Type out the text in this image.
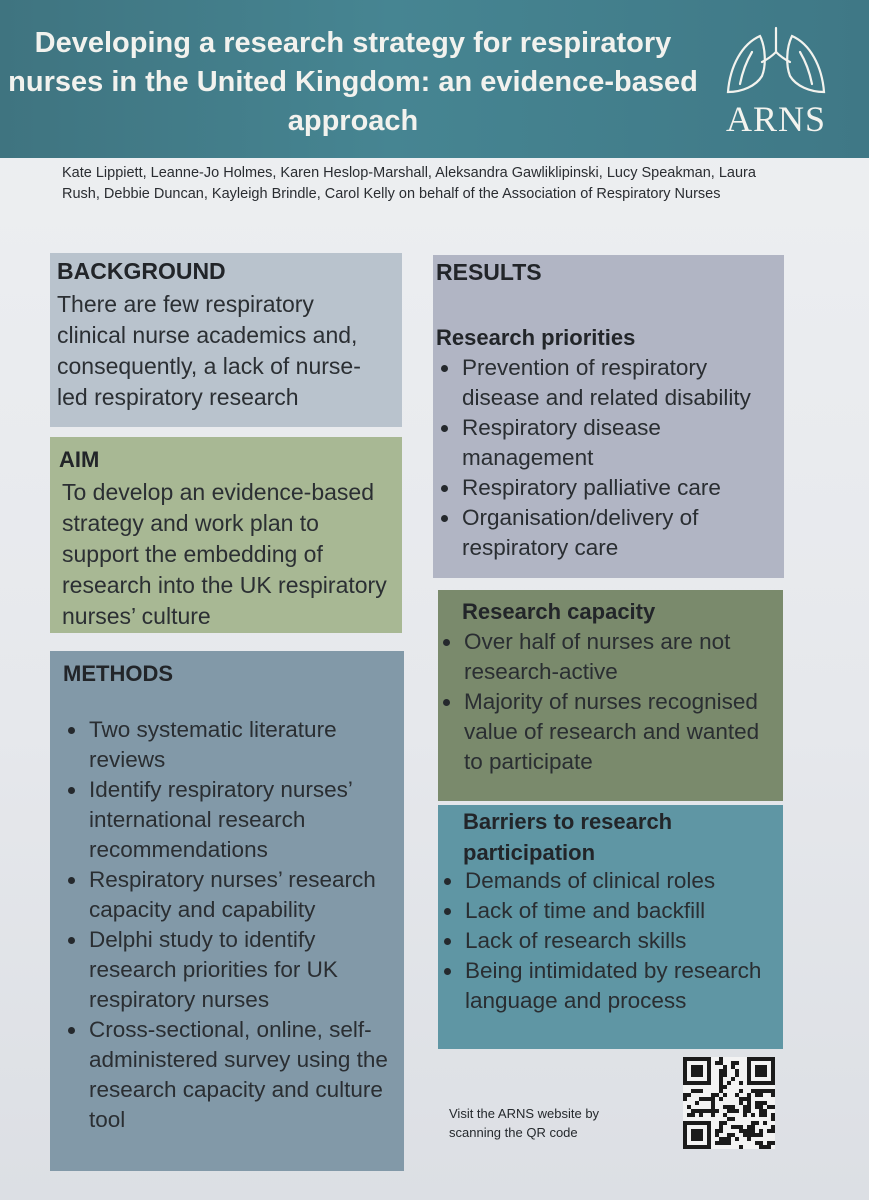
Developing a research strategy for respiratory nurses in the United Kingdom: an evidence-based approach	ARNS

Kate Lippiett, Leanne-Jo Holmes, Karen Heslop-Marshall, Aleksandra Gawliklipinski, Lucy Speakman, Laura Rush, Debbie Duncan, Kayleigh Brindle, Carol Kelly on behalf of the Association of Respiratory Nurses

BACKGROUND
There are few respiratory clinical nurse academics and, consequently, a lack of nurse-led respiratory research
AIM
To develop an evidence-based strategy and work plan to support the embedding of research into the UK respiratory nurses’ culture
METHODS
Two systematic literature reviews
Identify respiratory nurses’ international research recommendations
Respiratory nurses’ research capacity and capability
Delphi study to identify research priorities for UK respiratory nurses
Cross-sectional, online, self-administered survey using the research capacity and culture tool
RESULTS
Research priorities
Prevention of respiratory disease and related disability
Respiratory disease management
Respiratory palliative care
Organisation/delivery of respiratory care
Research capacity
Over half of nurses are not research-active
Majority of nurses recognised value of research and wanted to participate
Barriers to research participation
Demands of clinical roles
Lack of time and backfill
Lack of research skills
Being intimidated by research language and process
Visit the ARNS website by scanning the QR code
